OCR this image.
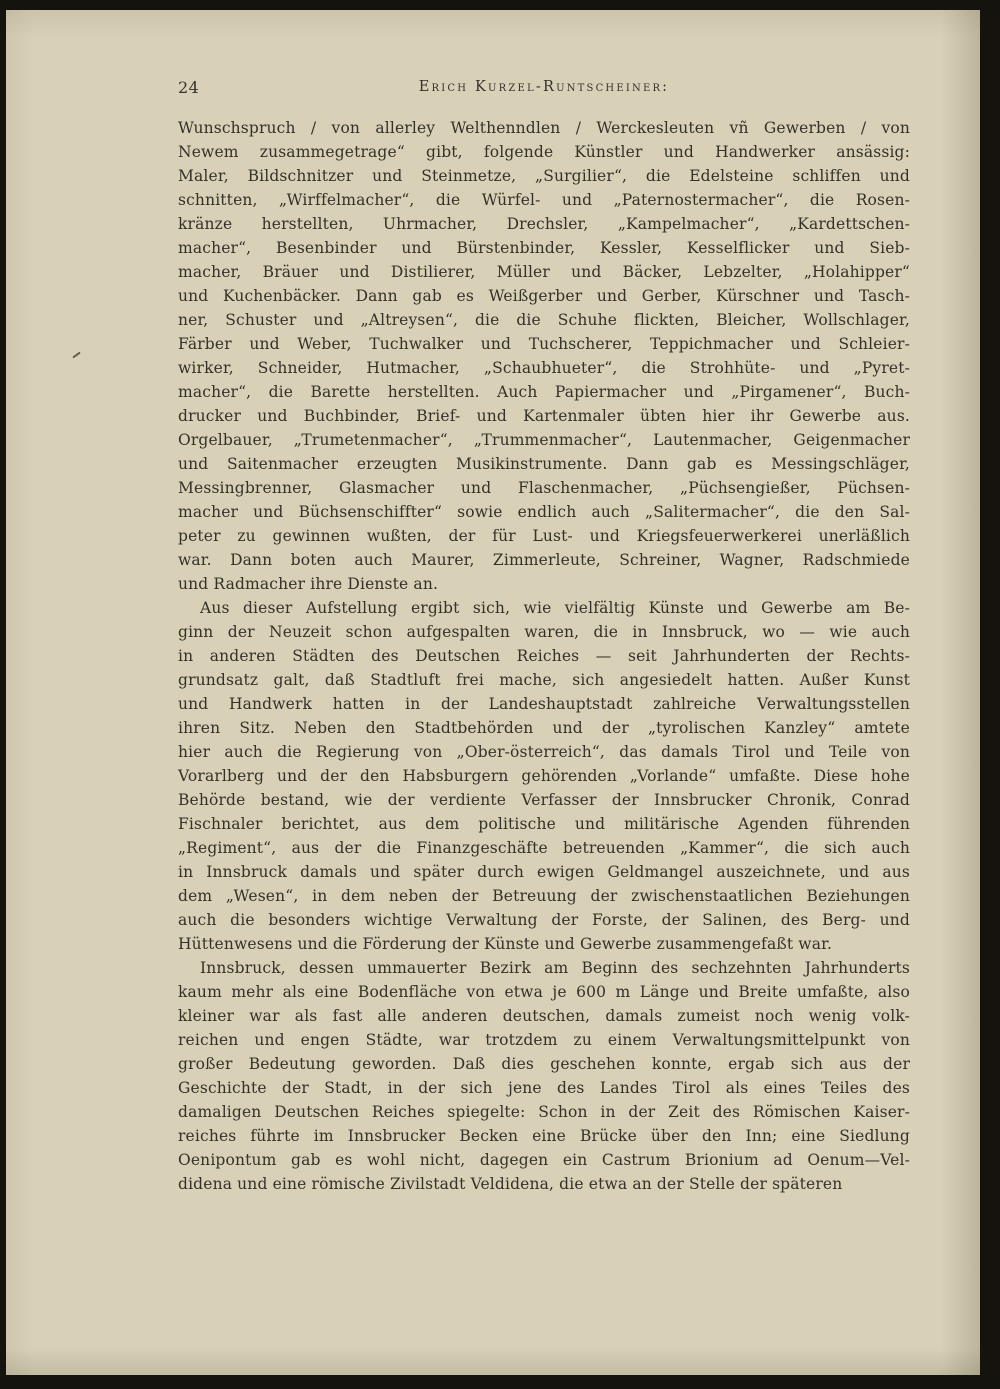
24	Erich Kurzel-Runtscheiner:
Wunschspruch / von allerley Welthenndlen / Werckesleuten vñ Gewerben / von
Newem zusammegetrage“ gibt, folgende Künstler und Handwerker ansässig:
Maler, Bildschnitzer und Steinmetze, „Surgilier“, die Edelsteine schliffen und
schnitten, „Wirffelmacher“, die Würfel- und „Paternostermacher“, die Rosen-
kränze herstellten, Uhrmacher, Drechsler, „Kampelmacher“, „Kardettschen-
macher“, Besenbinder und Bürstenbinder, Kessler, Kesselflicker und Sieb-
macher, Bräuer und Distilierer, Müller und Bäcker, Lebzelter, „Holahipper“
und Kuchenbäcker. Dann gab es Weißgerber und Gerber, Kürschner und Tasch-
ner, Schuster und „Altreysen“, die die Schuhe flickten, Bleicher, Wollschlager,
Färber und Weber, Tuchwalker und Tuchscherer, Teppichmacher und Schleier-
wirker, Schneider, Hutmacher, „Schaubhueter“, die Strohhüte- und „Pyret-
macher“, die Barette herstellten. Auch Papiermacher und „Pirgamener“, Buch-
drucker und Buchbinder, Brief- und Kartenmaler übten hier ihr Gewerbe aus.
Orgelbauer, „Trumetenmacher“, „Trummenmacher“, Lautenmacher, Geigenmacher
und Saitenmacher erzeugten Musikinstrumente. Dann gab es Messingschläger,
Messingbrenner, Glasmacher und Flaschenmacher, „Püchsengießer, Püchsen-
macher und Büchsenschiffter“ sowie endlich auch „Salitermacher“, die den Sal-
peter zu gewinnen wußten, der für Lust- und Kriegsfeuerwerkerei unerläßlich
war. Dann boten auch Maurer, Zimmerleute, Schreiner, Wagner, Radschmiede
und Radmacher ihre Dienste an.
Aus dieser Aufstellung ergibt sich, wie vielfältig Künste und Gewerbe am Be-
ginn der Neuzeit schon aufgespalten waren, die in Innsbruck, wo — wie auch
in anderen Städten des Deutschen Reiches — seit Jahrhunderten der Rechts-
grundsatz galt, daß Stadtluft frei mache, sich angesiedelt hatten. Außer Kunst
und Handwerk hatten in der Landeshauptstadt zahlreiche Verwaltungsstellen
ihren Sitz. Neben den Stadtbehörden und der „tyrolischen Kanzley“ amtete
hier auch die Regierung von „Ober-österreich“, das damals Tirol und Teile von
Vorarlberg und der den Habsburgern gehörenden „Vorlande“ umfaßte. Diese hohe
Behörde bestand, wie der verdiente Verfasser der Innsbrucker Chronik, Conrad
Fischnaler berichtet, aus dem politische und militärische Agenden führenden
„Regiment“, aus der die Finanzgeschäfte betreuenden „Kammer“, die sich auch
in Innsbruck damals und später durch ewigen Geldmangel auszeichnete, und aus
dem „Wesen“, in dem neben der Betreuung der zwischenstaatlichen Beziehungen
auch die besonders wichtige Verwaltung der Forste, der Salinen, des Berg- und
Hüttenwesens und die Förderung der Künste und Gewerbe zusammengefaßt war.
Innsbruck, dessen ummauerter Bezirk am Beginn des sechzehnten Jahrhunderts
kaum mehr als eine Bodenfläche von etwa je 600 m Länge und Breite umfaßte, also
kleiner war als fast alle anderen deutschen, damals zumeist noch wenig volk-
reichen und engen Städte, war trotzdem zu einem Verwaltungsmittelpunkt von
großer Bedeutung geworden. Daß dies geschehen konnte, ergab sich aus der
Geschichte der Stadt, in der sich jene des Landes Tirol als eines Teiles des
damaligen Deutschen Reiches spiegelte: Schon in der Zeit des Römischen Kaiser-
reiches führte im Innsbrucker Becken eine Brücke über den Inn; eine Siedlung
Oenipontum gab es wohl nicht, dagegen ein Castrum Brionium ad Oenum—Vel-
didena und eine römische Zivilstadt Veldidena, die etwa an der Stelle der späteren
